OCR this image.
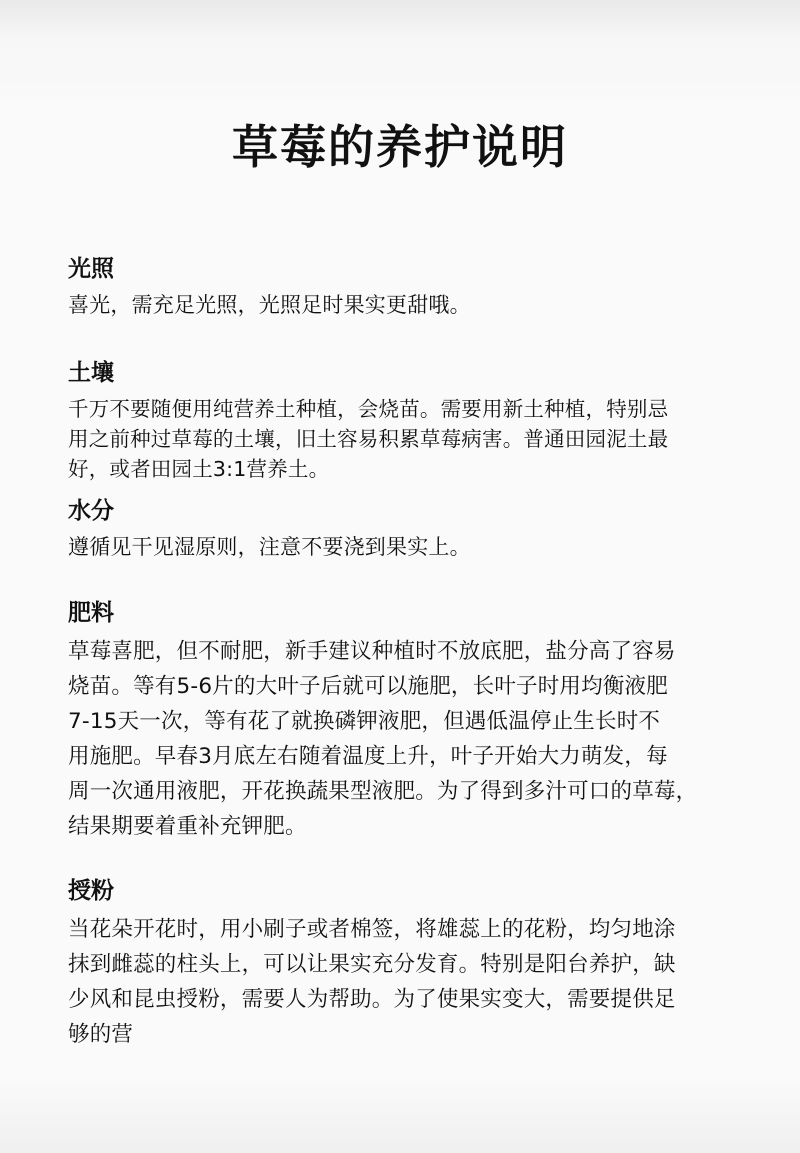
草莓的养护说明
光照

喜光，需充足光照，光照足时果实更甜哦。

土壤

千万不要随便用纯营养土种植，会烧苗。需要用新土种植，特别忌
用之前种过草莓的土壤，旧土容易积累草莓病害。普通田园泥土最
好，或者田园土3:1营养土。

水分

遵循见干见湿原则，注意不要浇到果实上。

肥料

草莓喜肥，但不耐肥，新手建议种植时不放底肥，盐分高了容易
烧苗。等有5-6片的大叶子后就可以施肥，长叶子时用均衡液肥
7-15天一次，等有花了就换磷钾液肥，但遇低温停止生长时不
用施肥。早春3月底左右随着温度上升，叶子开始大力萌发，每
周一次通用液肥，开花换蔬果型液肥。为了得到多汁可口的草莓，
结果期要着重补充钾肥。

授粉

当花朵开花时，用小刷子或者棉签，将雄蕊上的花粉，均匀地涂
抹到雌蕊的柱头上，可以让果实充分发育。特别是阳台养护，缺
少风和昆虫授粉，需要人为帮助。为了使果实变大，需要提供足
够的营
